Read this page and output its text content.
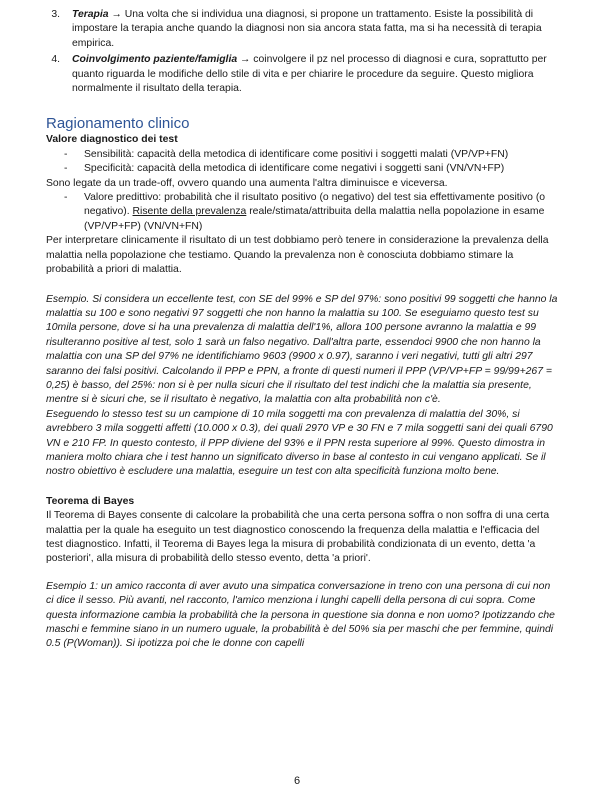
3. Terapia → Una volta che si individua una diagnosi, si propone un trattamento. Esiste la possibilità di impostare la terapia anche quando la diagnosi non sia ancora stata fatta, ma si ha necessità di terapia empirica.
4. Coinvolgimento paziente/famiglia → coinvolgere il pz nel processo di diagnosi e cura, soprattutto per quanto riguarda le modifiche dello stile di vita e per chiarire le procedure da seguire. Questo migliora normalmente il risultato della terapia.
Ragionamento clinico
Valore diagnostico dei test
- Sensibilità: capacità della metodica di identificare come positivi i soggetti malati (VP/VP+FN)
- Specificità: capacità della metodica di identificare come negativi i soggetti sani (VN/VN+FP)

Sono legate da un trade-off, ovvero quando una aumenta l'altra diminuisce e viceversa.

- Valore predittivo: probabilità che il risultato positivo (o negativo) del test sia effettivamente positivo (o negativo). Risente della prevalenza reale/stimata/attribuita della malattia nella popolazione in esame (VP/VP+FP) (VN/VN+FN)

Per interpretare clinicamente il risultato di un test dobbiamo però tenere in considerazione la prevalenza della malattia nella popolazione che testiamo. Quando la prevalenza non è conosciuta dobbiamo stimare la probabilità a priori di malattia.

Esempio. Si considera un eccellente test, con SE del 99% e SP del 97%: sono positivi 99 soggetti che hanno la malattia su 100 e sono negativi 97 soggetti che non hanno la malattia su 100. Se eseguiamo questo test su 10mila persone, dove si ha una prevalenza di malattia dell'1%, allora 100 persone avranno la malattia e 99 risulteranno positive al test, solo 1 sarà un falso negativo. Dall'altra parte, essendoci 9900 che non hanno la malattia con una SP del 97% ne identifichiamo 9603 (9900 x 0.97), saranno i veri negativi, tutti gli altri 297 saranno dei falsi positivi. Calcolando il PPP e PPN, a fronte di questi numeri il PPP (VP/VP+FP = 99/99+267 = 0,25) è basso, del 25%: non si è per nulla sicuri che il risultato del test indichi che la malattia sia presente, mentre si è sicuri che, se il risultato è negativo, la malattia con alta probabilità non c'è.

Eseguendo lo stesso test su un campione di 10 mila soggetti ma con prevalenza di malattia del 30%, si avrebbero 3 mila soggetti affetti (10.000 x 0.3), dei quali 2970 VP e 30 FN e 7 mila soggetti sani dei quali 6790 VN e 210 FP. In questo contesto, il PPP diviene del 93% e il PPN resta superiore al 99%. Questo dimostra in maniera molto chiara che i test hanno un significato diverso in base al contesto in cui vengano applicati. Se il nostro obiettivo è escludere una malattia, eseguire un test con alta specificità funziona molto bene.

Teorema di Bayes

Il Teorema di Bayes consente di calcolare la probabilità che una certa persona soffra o non soffra di una certa malattia per la quale ha eseguito un test diagnostico conoscendo la frequenza della malattia e l'efficacia del test diagnostico. Infatti, il Teorema di Bayes lega la misura di probabilità condizionata di un evento, detta 'a posteriori', alla misura di probabilità dello stesso evento, detta 'a priori'.

Esempio 1: un amico racconta di aver avuto una simpatica conversazione in treno con una persona di cui non ci dice il sesso. Più avanti, nel racconto, l'amico menziona i lunghi capelli della persona di cui sopra. Come questa informazione cambia la probabilità che la persona in questione sia donna e non uomo? Ipotizzando che maschi e femmine siano in un numero uguale, la probabilità è del 50% sia per maschi che per femmine, quindi 0.5 (P(Woman)). Si ipotizza poi che le donne con capelli

6
